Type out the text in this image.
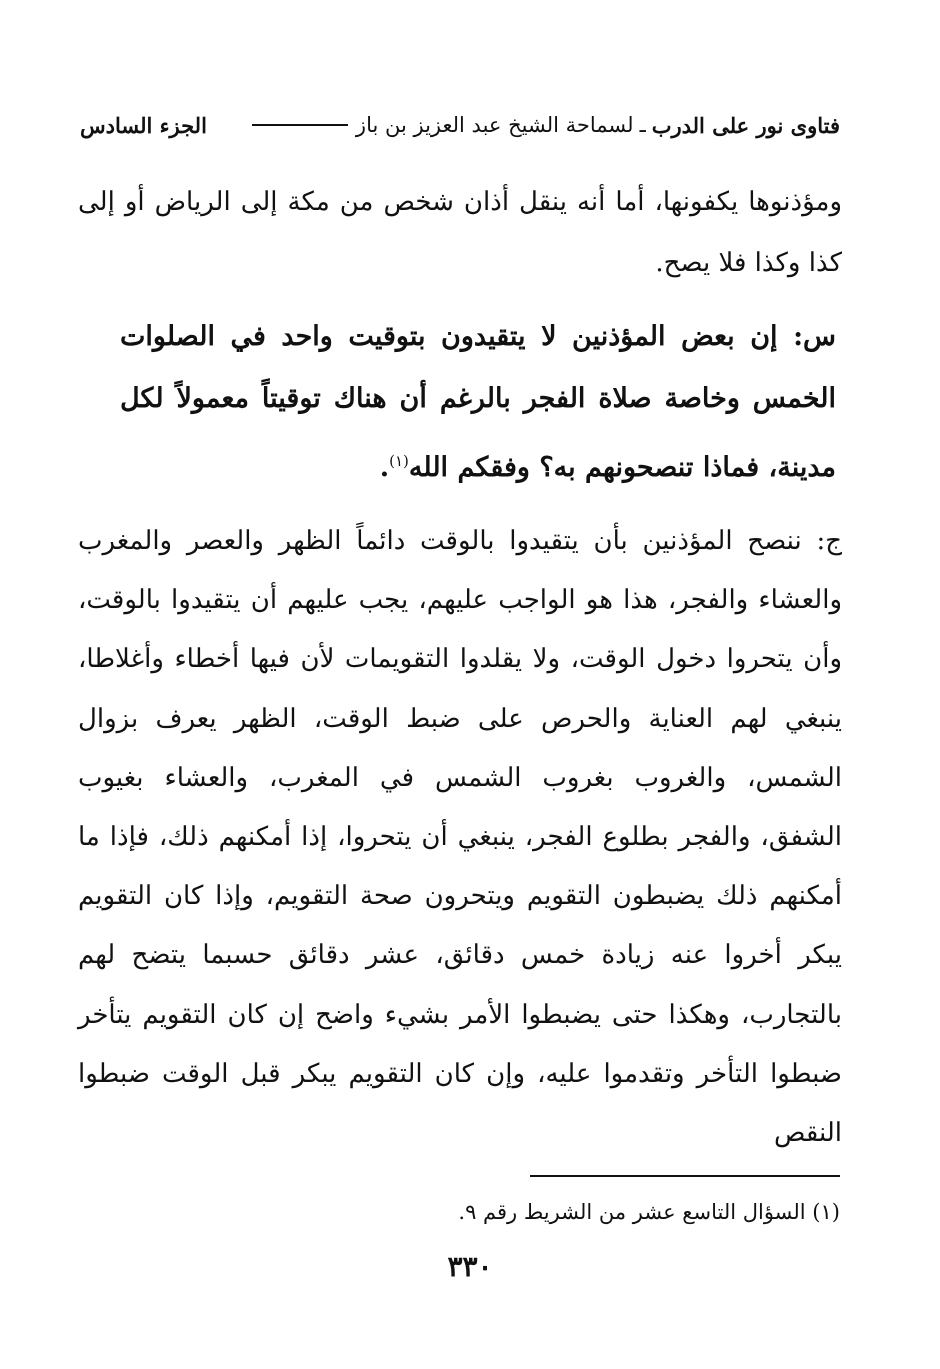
فتاوى نور على الدرب
ـ
لسماحة الشيخ عبد العزيز بن باز
الجزء السادس

ومؤذنوها يكفونها، أما أنه ينقل أذان شخص من مكة إلى الرياض أو إلى كذا وكذا فلا يصح.

س: إن بعض المؤذنين لا يتقيدون بتوقيت واحد في الصلوات الخمس وخاصة صلاة الفجر بالرغم أن هناك توقيتاً معمولاً لكل مدينة، فماذا تنصحونهم به؟ وفقكم الله$^{(١)}$.

ج: ننصح المؤذنين بأن يتقيدوا بالوقت دائماً الظهر والعصر والمغرب والعشاء والفجر، هذا هو الواجب عليهم، يجب عليهم أن يتقيدوا بالوقت، وأن يتحروا دخول الوقت، ولا يقلدوا التقويمات لأن فيها أخطاء وأغلاطا، ينبغي لهم العناية والحرص على ضبط الوقت، الظهر يعرف بزوال الشمس، والغروب بغروب الشمس في المغرب، والعشاء بغيوب الشفق، والفجر بطلوع الفجر، ينبغي أن يتحروا، إذا أمكنهم ذلك، فإذا ما أمكنهم ذلك يضبطون التقويم ويتحرون صحة التقويم، وإذا كان التقويم يبكر أخروا عنه زيادة خمس دقائق، عشر دقائق حسبما يتضح لهم بالتجارب، وهكذا حتى يضبطوا الأمر بشيء واضح إن كان التقويم يتأخر ضبطوا التأخر وتقدموا عليه، وإن كان التقويم يبكر قبل الوقت ضبطوا النقص

(١) السؤال التاسع عشر من الشريط رقم ٩.
٣٣٠
